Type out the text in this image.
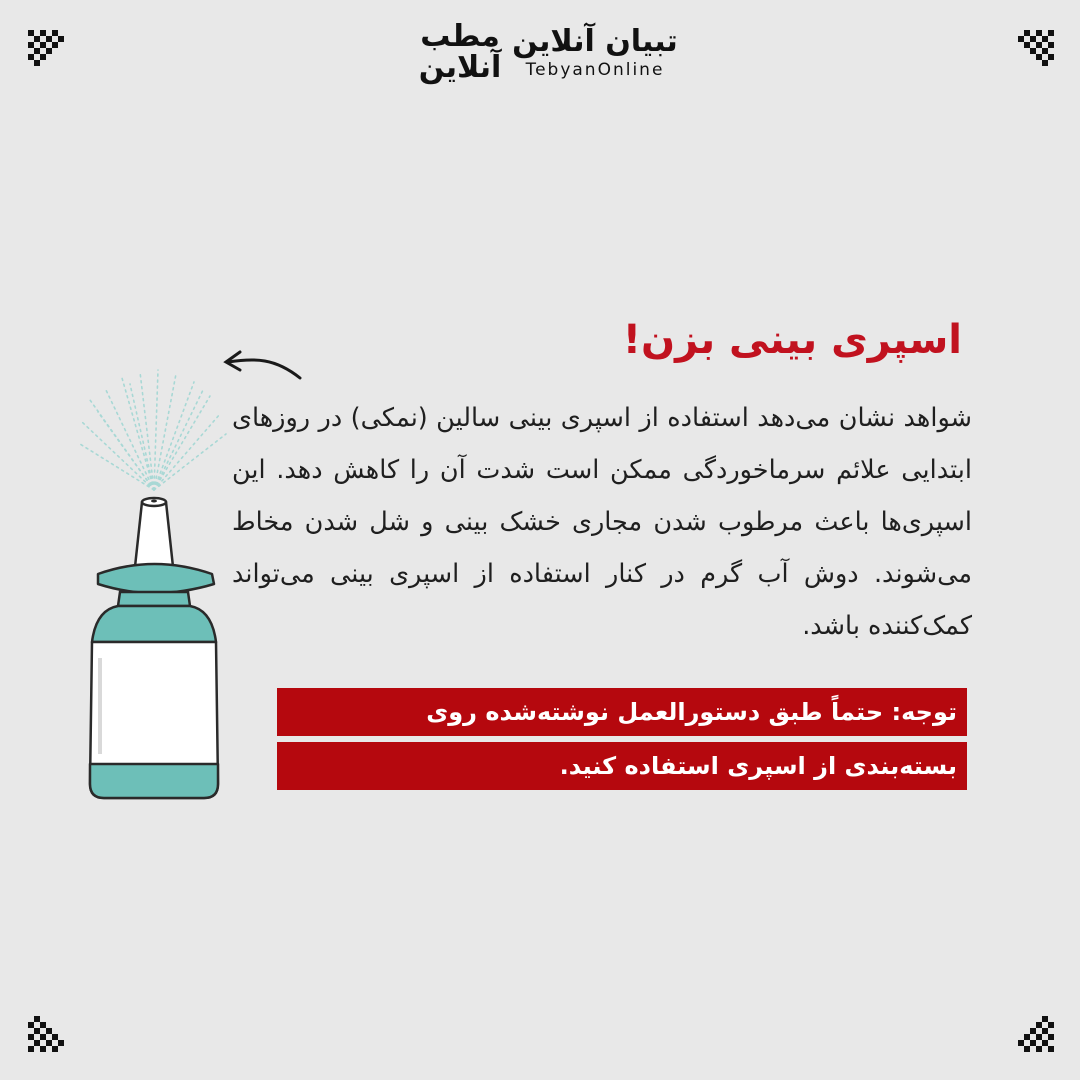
مطب
آنلاین
تبیان آنلاین
TebyanOnline
اسپری بینی بزن!
شواهد نشان می‌دهد استفاده از اسپری بینی سالین (نمکی) در روزهای ابتدایی علائم سرماخوردگی ممکن است شدت آن را کاهش دهد. این اسپری‌ها باعث مرطوب شدن مجاری خشک بینی و شل شدن مخاط می‌شوند. دوش آب گرم در کنار استفاده از اسپری بینی می‌تواند کمک‌کننده باشد.
توجه: حتماً طبق دستورالعمل نوشته‌شده روی
بسته‌بندی از اسپری استفاده کنید.
